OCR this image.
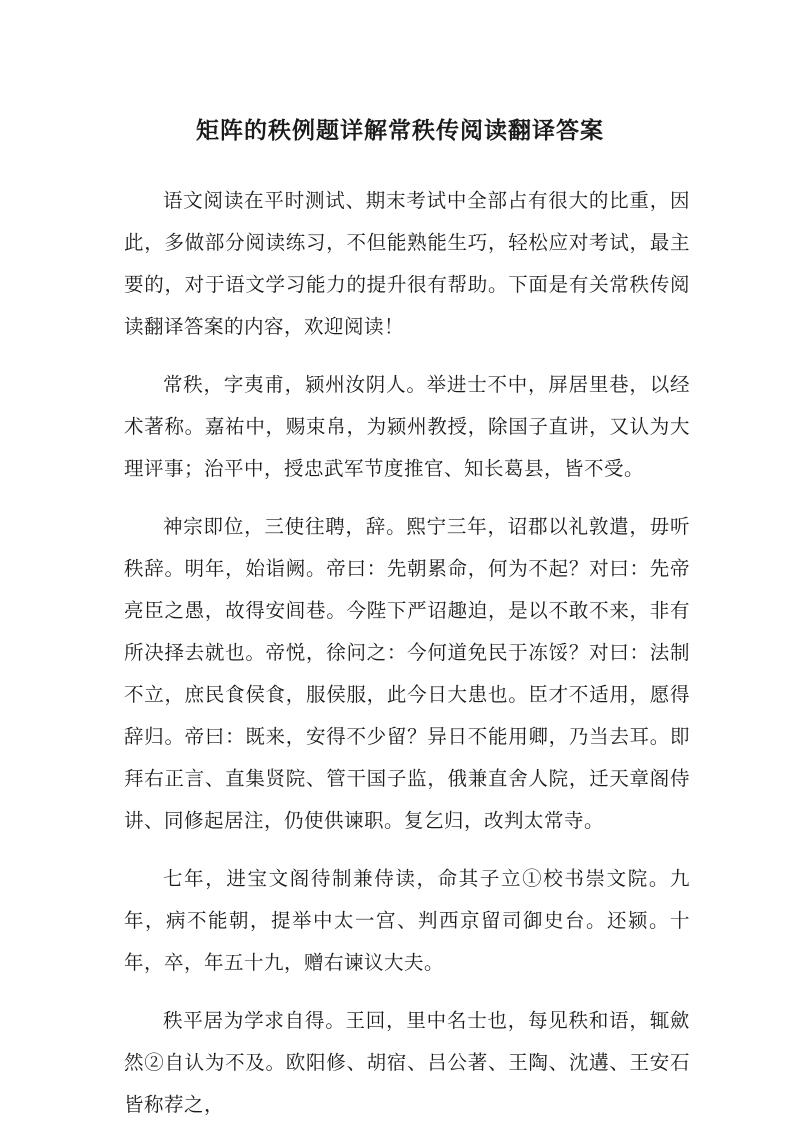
矩阵的秩例题详解常秩传阅读翻译答案

语文阅读在平时测试、期末考试中全部占有很大的比重，因此，多做部分阅读练习，不但能熟能生巧，轻松应对考试，最主要的，对于语文学习能力的提升很有帮助。下面是有关常秩传阅读翻译答案的内容，欢迎阅读！

常秩，字夷甫，颍州汝阴人。举进士不中，屏居里巷，以经术著称。嘉祐中，赐束帛，为颍州教授，除国子直讲，又认为大理评事；治平中，授忠武军节度推官、知长葛县，皆不受。

神宗即位，三使往聘，辞。熙宁三年，诏郡以礼敦遣，毋听秩辞。明年，始诣阙。帝曰：先朝累命，何为不起？对曰：先帝亮臣之愚，故得安闾巷。今陛下严诏趣迫，是以不敢不来，非有所决择去就也。帝悦，徐问之：今何道免民于冻馁？对曰：法制不立，庶民食侯食，服侯服，此今日大患也。臣才不适用，愿得辞归。帝曰：既来，安得不少留？异日不能用卿，乃当去耳。即拜右正言、直集贤院、管干国子监，俄兼直舍人院，迁天章阁侍讲、同修起居注，仍使供谏职。复乞归，改判太常寺。

七年，进宝文阁待制兼侍读，命其子立①校书崇文院。九年，病不能朝，提举中太一宫、判西京留司御史台。还颍。十年，卒，年五十九，赠右谏议大夫。

秩平居为学求自得。王回，里中名士也，每见秩和语，辄歛然②自认为不及。欧阳修、胡宿、吕公著、王陶、沈遘、王安石皆称荐之，
